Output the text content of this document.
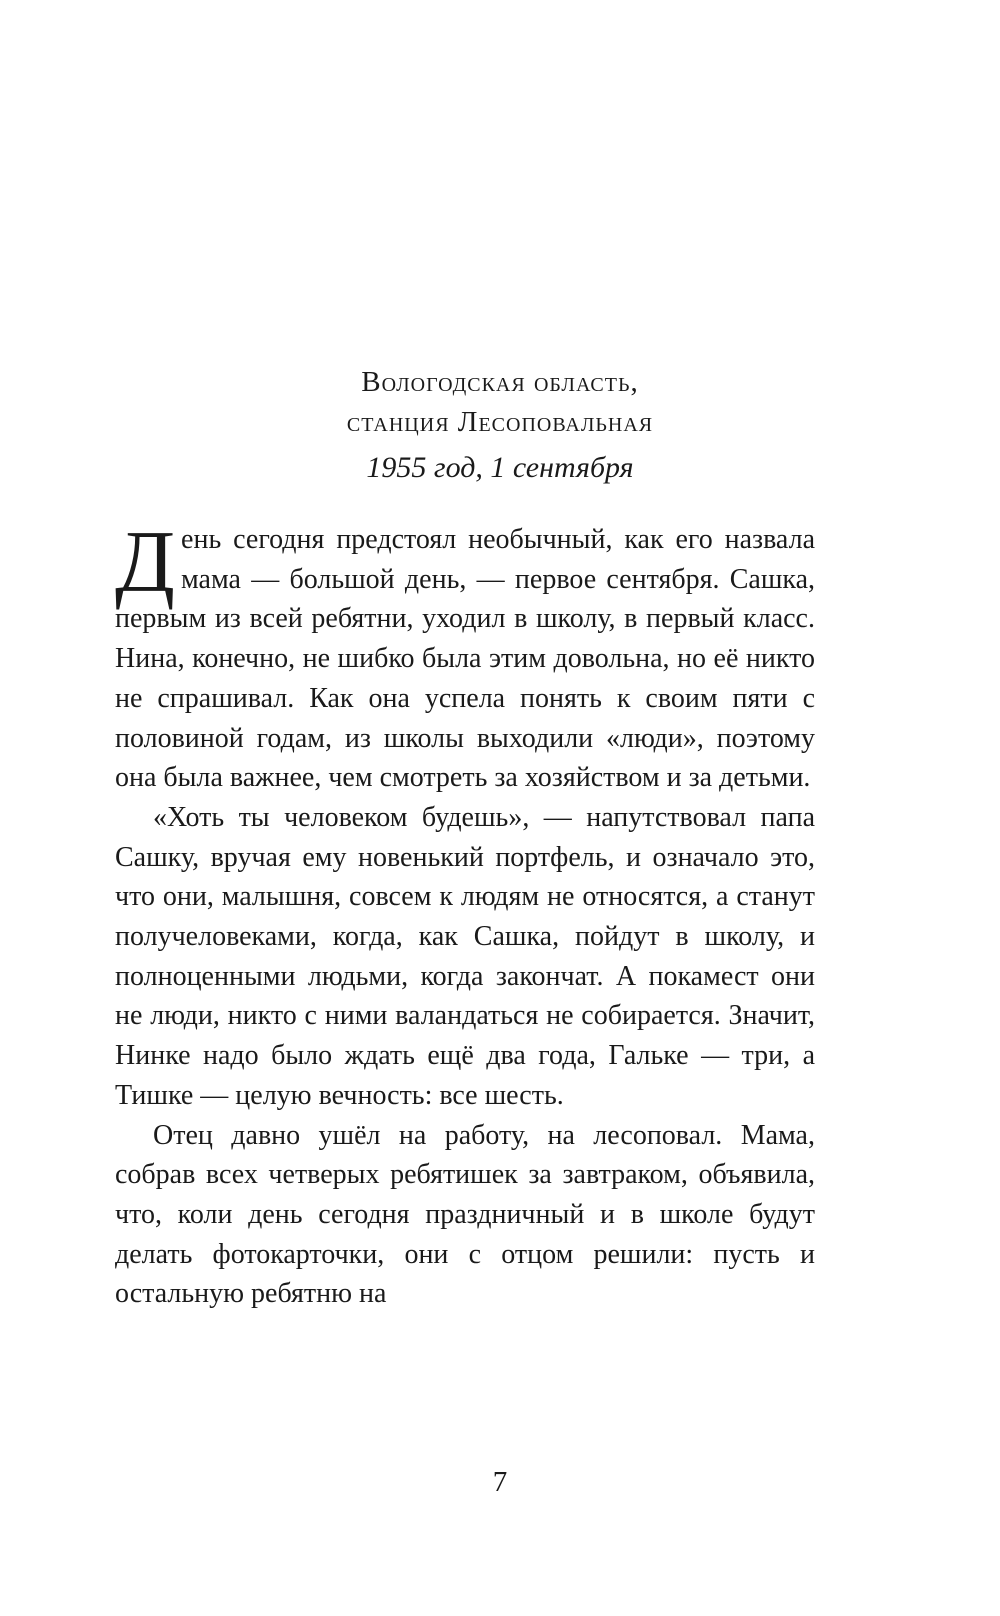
Вологодская область,
станция Лесоповальная
1955 год, 1 сентября

День сегодня предстоял необычный, как его назвала мама — большой день, — первое сентября. Сашка, первым из всей ребятни, уходил в школу, в первый класс. Нина, конечно, не шибко была этим довольна, но её никто не спрашивал. Как она успела понять к своим пяти с половиной годам, из школы выходили «люди», поэтому она была важнее, чем смотреть за хозяйством и за детьми.

«Хоть ты человеком будешь», — напутствовал папа Сашку, вручая ему новенький портфель, и означало это, что они, малышня, совсем к людям не относятся, а станут получеловеками, когда, как Сашка, пойдут в школу, и полноценными людьми, когда закончат. А покамест они не люди, никто с ними валандаться не собирается. Значит, Нинке надо было ждать ещё два года, Гальке — три, а Тишке — целую вечность: все шесть.

Отец давно ушёл на работу, на лесоповал. Мама, собрав всех четверых ребятишек за завтраком, объявила, что, коли день сегодня праздничный и в школе будут делать фотокарточки, они с отцом решили: пусть и остальную ребятню на

7
